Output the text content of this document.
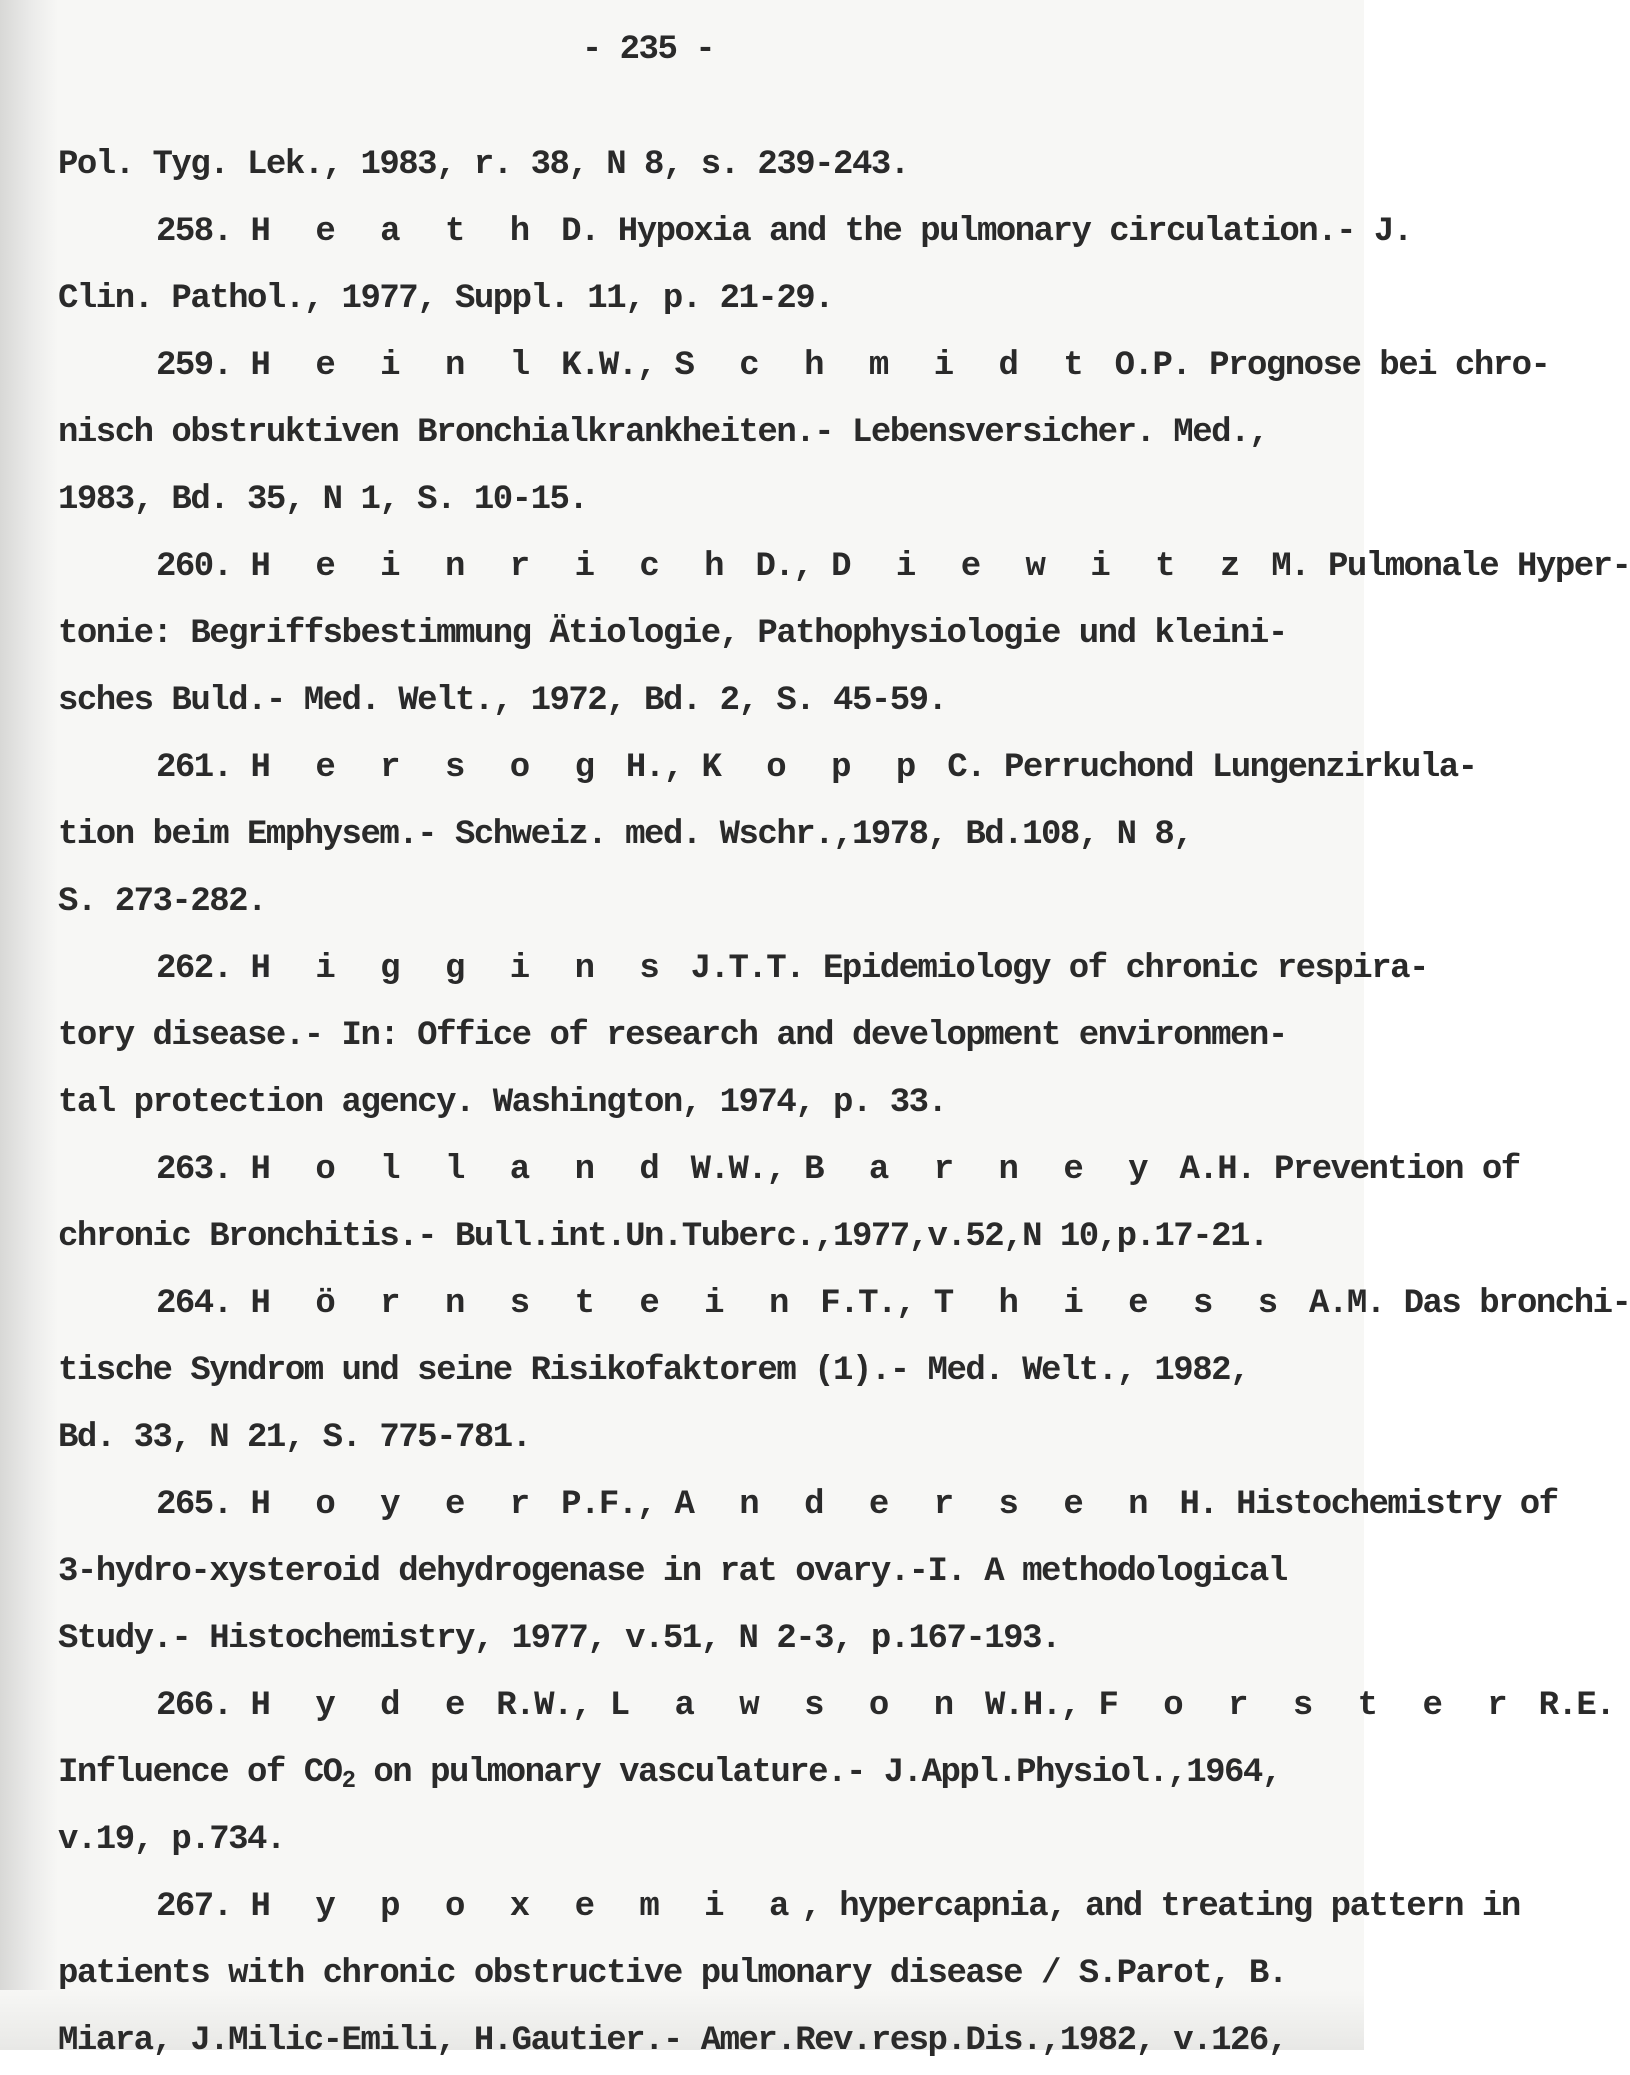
- 235 -
Pol. Tyg. Lek., 1983, r. 38, N 8, s. 239-243.
258. H e a t h D. Hypoxia and the pulmonary circulation.- J.
Clin. Pathol., 1977, Suppl. 11, p. 21-29.
259. H e i n l K.W., S c h m i d t O.P. Prognose bei chro-
nisch obstruktiven Bronchialkrankheiten.- Lebensversicher. Med.,
1983, Bd. 35, N 1, S. 10-15.
260. H e i n r i c h D., D i e w i t z M. Pulmonale Hyper-
tonie: Begriffsbestimmung Ätiologie, Pathophysiologie und kleini-
sches Buld.- Med. Welt., 1972, Bd. 2, S. 45-59.
261. H e r s o g H., K o p p C. Perruchond Lungenzirkula-
tion beim Emphysem.- Schweiz. med. Wschr.,1978, Bd.108, N 8,
S. 273-282.
262. H i g g i n s J.T.T. Epidemiology of chronic respira-
tory disease.- In: Office of research and development environmen-
tal protection agency. Washington, 1974, p. 33.
263. H o l l a n d W.W., B a r n e y A.H. Prevention of
chronic Bronchitis.- Bull.int.Un.Tuberc.,1977,v.52,N 10,p.17-21.
264. H ö r n s t e i n F.T., T h i e s s A.M. Das bronchi-
tische Syndrom und seine Risikofaktorem (1).- Med. Welt., 1982,
Bd. 33, N 21, S. 775-781.
265. H o y e r P.F., A n d e r s e n H. Histochemistry of
3-hydro-xysteroid dehydrogenase in rat ovary.-I. A methodological
Study.- Histochemistry, 1977, v.51, N 2-3, p.167-193.
266. H y d e R.W., L a w s o n W.H., F o r s t e r R.E.
Influence of $CO_2$ on pulmonary vasculature.- J.Appl.Physiol.,1964,
v.19, p.734.
267. H y p o x e m i a, hypercapnia, and treating pattern in
patients with chronic obstructive pulmonary disease / S.Parot, B.
Miara, J.Milic-Emili, H.Gautier.- Amer.Rev.resp.Dis.,1982, v.126,
